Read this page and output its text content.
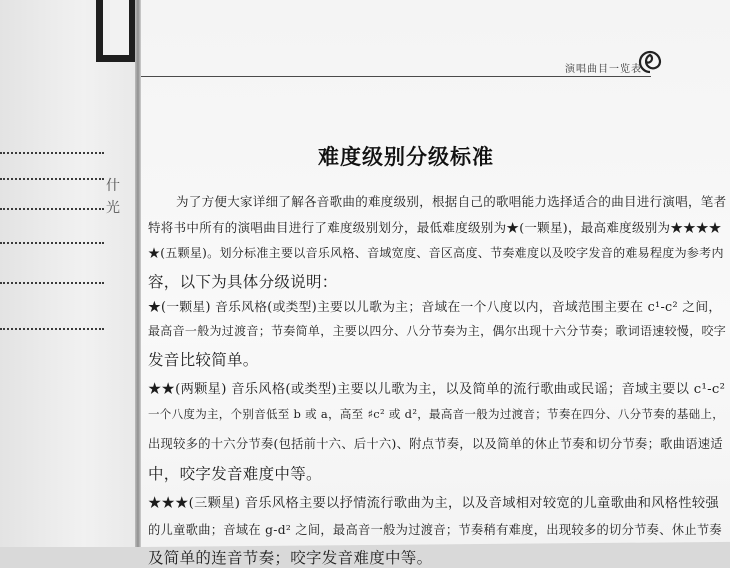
什
光
演唱曲目一览表
难度级别分级标准
为了方便大家详细了解各音歌曲的难度级别，根据自己的歌唱能力选择适合的曲目进行演唱，笔者
特将书中所有的演唱曲目进行了难度级别划分，最低难度级别为★(一颗星)，最高难度级别为★★★★
★(五颗星)。划分标准主要以音乐风格、音域宽度、音区高度、节奏难度以及咬字发音的难易程度为参考内
容，以下为具体分级说明：
★(一颗星) 音乐风格(或类型)主要以儿歌为主；音域在一个八度以内，音域范围主要在 c¹-c² 之间，
最高音一般为过渡音；节奏简单，主要以四分、八分节奏为主，偶尔出现十六分节奏；歌词语速较慢，咬字
发音比较简单。
★★(两颗星) 音乐风格(或类型)主要以儿歌为主，以及简单的流行歌曲或民谣；音域主要以 c¹-c²
一个八度为主，个别音低至 b 或 a，高至 ♯c² 或 d²，最高音一般为过渡音；节奏在四分、八分节奏的基础上，
出现较多的十六分节奏(包括前十六、后十六)、附点节奏，以及简单的休止节奏和切分节奏；歌曲语速适
中，咬字发音难度中等。
★★★(三颗星) 音乐风格主要以抒情流行歌曲为主，以及音域相对较宽的儿童歌曲和风格性较强
的儿童歌曲；音域在 g-d² 之间，最高音一般为过渡音；节奏稍有难度，出现较多的切分节奏、休止节奏
及简单的连音节奏；咬字发音难度中等。
